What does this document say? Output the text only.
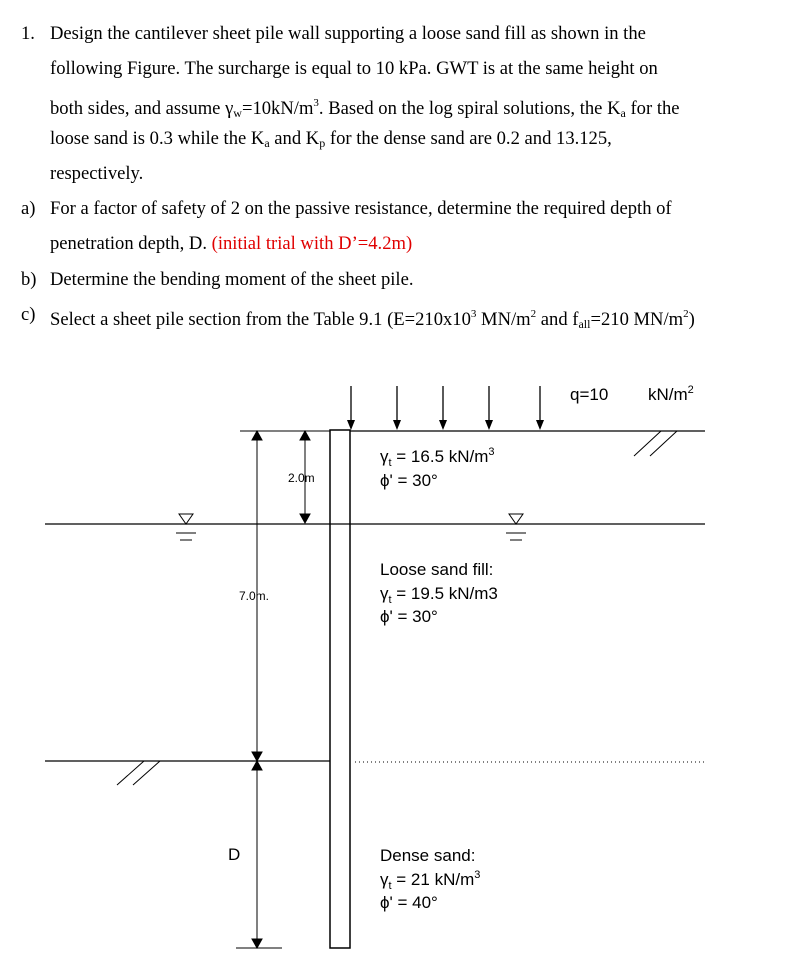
1. Design the cantilever sheet pile wall supporting a loose sand fill as shown in the
following Figure. The surcharge is equal to 10 kPa. GWT is at the same height on
both sides, and assume $\gamma_w=10kN/m^3$. Based on the log spiral solutions, the $K_a$ for the
loose sand is 0.3 while the $K_a$ and $K_p$ for the dense sand are 0.2 and 13.125,
respectively.
a) For a factor of safety of 2 on the passive resistance, determine the required depth of
penetration depth, D. (initial trial with D’=4.2m)
b) Determine the bending moment of the sheet pile.
c) Select a sheet pile section from the Table 9.1 ($E=210x10^3$ $MN/m^2$ and $f_{all}=210$ $MN/m^2$)
q=10 $kN/m^2$
2.0m
7.0m.
D
$\gamma_t = 16.5$ $kN/m^3$
ϕ' = 30°
Loose sand fill:
$\gamma_t = 19.5$ kN/m3
ϕ' = 30°
Dense sand:
$\gamma_t = 21$ $kN/m^3$
ϕ' = 40°
